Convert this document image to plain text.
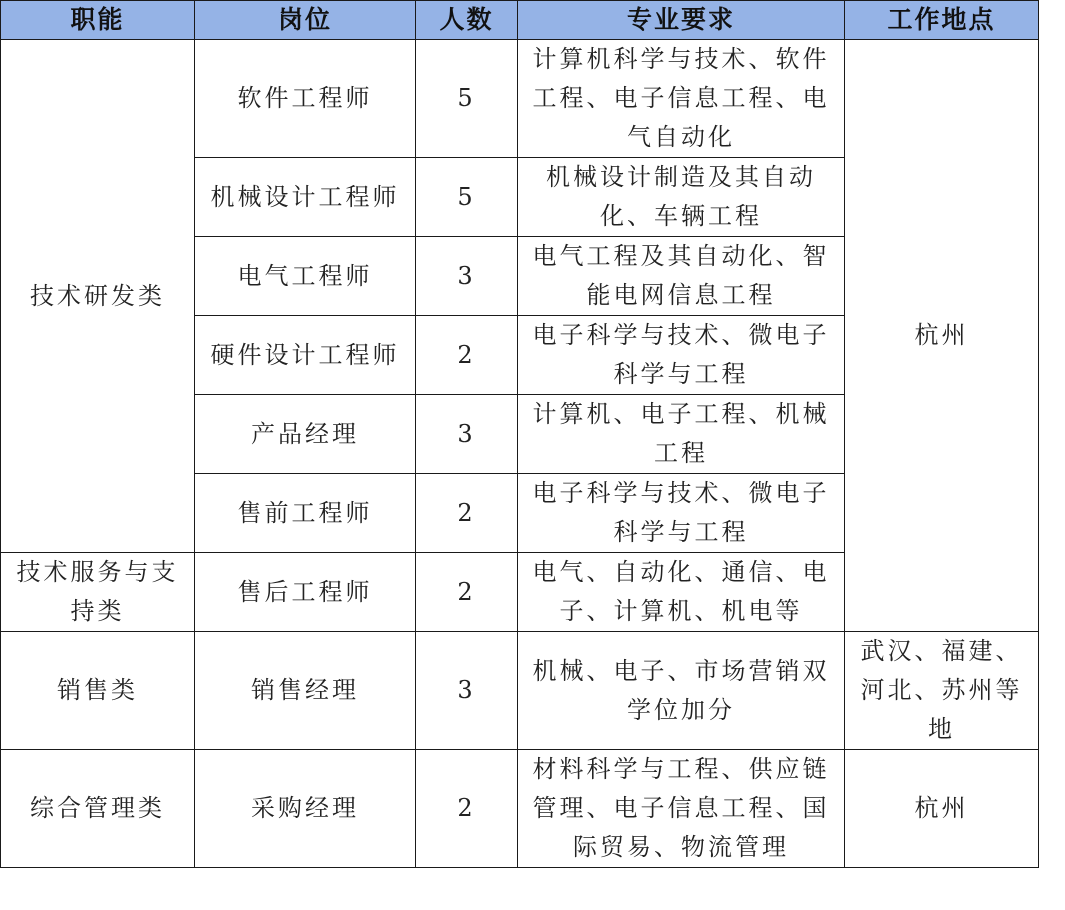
职能	岗位	人数	专业要求	工作地点
技术研发类	软件工程师	5	计算机科学与技术、软件工程、电子信息工程、电气自动化	杭州
	机械设计工程师	5	机械设计制造及其自动化、车辆工程	
	电气工程师	3	电气工程及其自动化、智能电网信息工程	
	硬件设计工程师	2	电子科学与技术、微电子科学与工程	
	产品经理	3	计算机、电子工程、机械工程	
	售前工程师	2	电子科学与技术、微电子科学与工程	
技术服务与支持类	售后工程师	2	电气、自动化、通信、电子、计算机、机电等	
销售类	销售经理	3	机械、电子、市场营销双学位加分	武汉、福建、河北、苏州等地
综合管理类	采购经理	2	材料科学与工程、供应链管理、电子信息工程、国际贸易、物流管理	杭州
